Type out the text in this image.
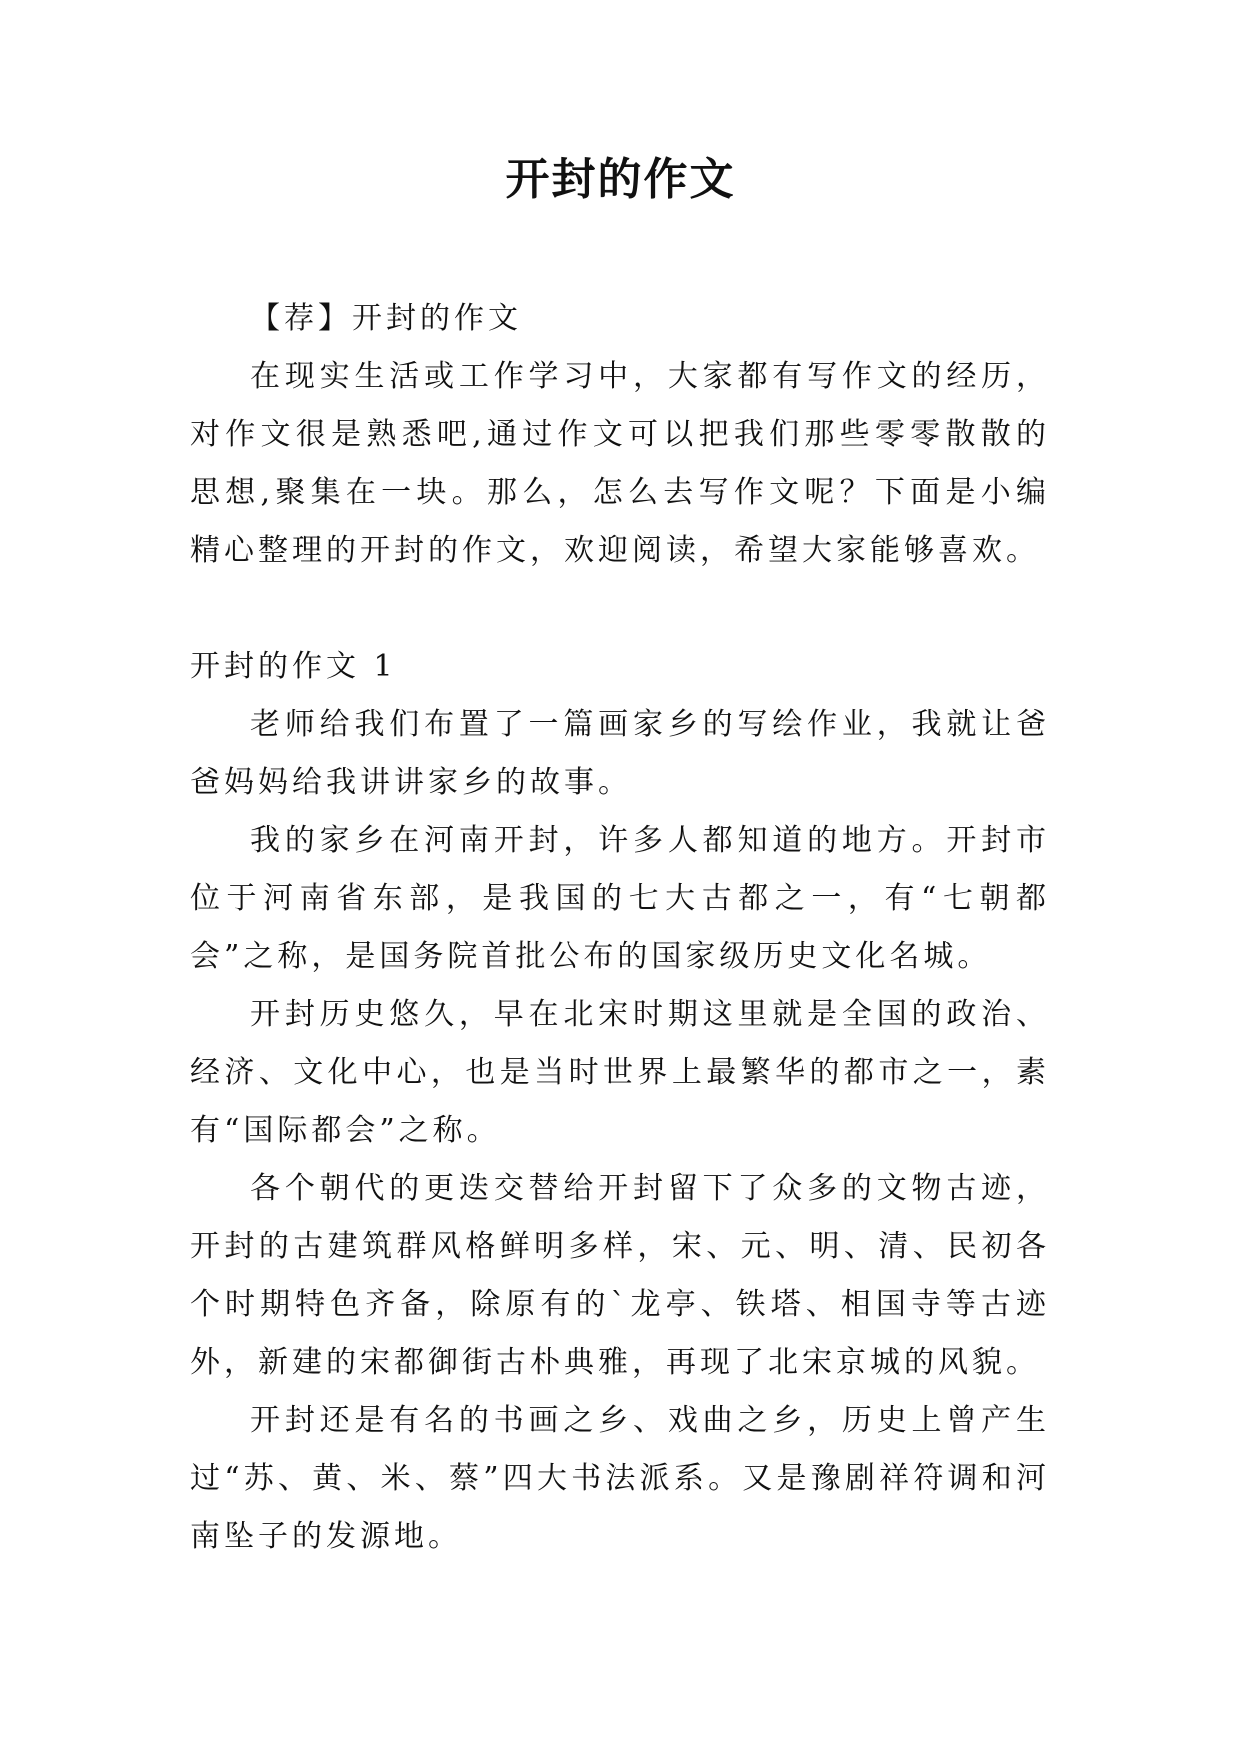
开封的作文

【荐】开封的作文

在现实生活或工作学习中，大家都有写作文的经历，对作文很是熟悉吧,通过作文可以把我们那些零零散散的思想,聚集在一块。那么，怎么去写作文呢？下面是小编精心整理的开封的作文，欢迎阅读，希望大家能够喜欢。

开封的作文 1

老师给我们布置了一篇画家乡的写绘作业，我就让爸爸妈妈给我讲讲家乡的故事。

我的家乡在河南开封，许多人都知道的地方。开封市位于河南省东部，是我国的七大古都之一，有“七朝都会”之称，是国务院首批公布的国家级历史文化名城。

开封历史悠久，早在北宋时期这里就是全国的政治、经济、文化中心，也是当时世界上最繁华的都市之一，素有“国际都会”之称。

各个朝代的更迭交替给开封留下了众多的文物古迹，开封的古建筑群风格鲜明多样，宋、元、明、清、民初各个时期特色齐备，除原有的`龙亭、铁塔、相国寺等古迹外，新建的宋都御街古朴典雅，再现了北宋京城的风貌。

开封还是有名的书画之乡、戏曲之乡，历史上曾产生过“苏、黄、米、蔡”四大书法派系。又是豫剧祥符调和河南坠子的发源地。
